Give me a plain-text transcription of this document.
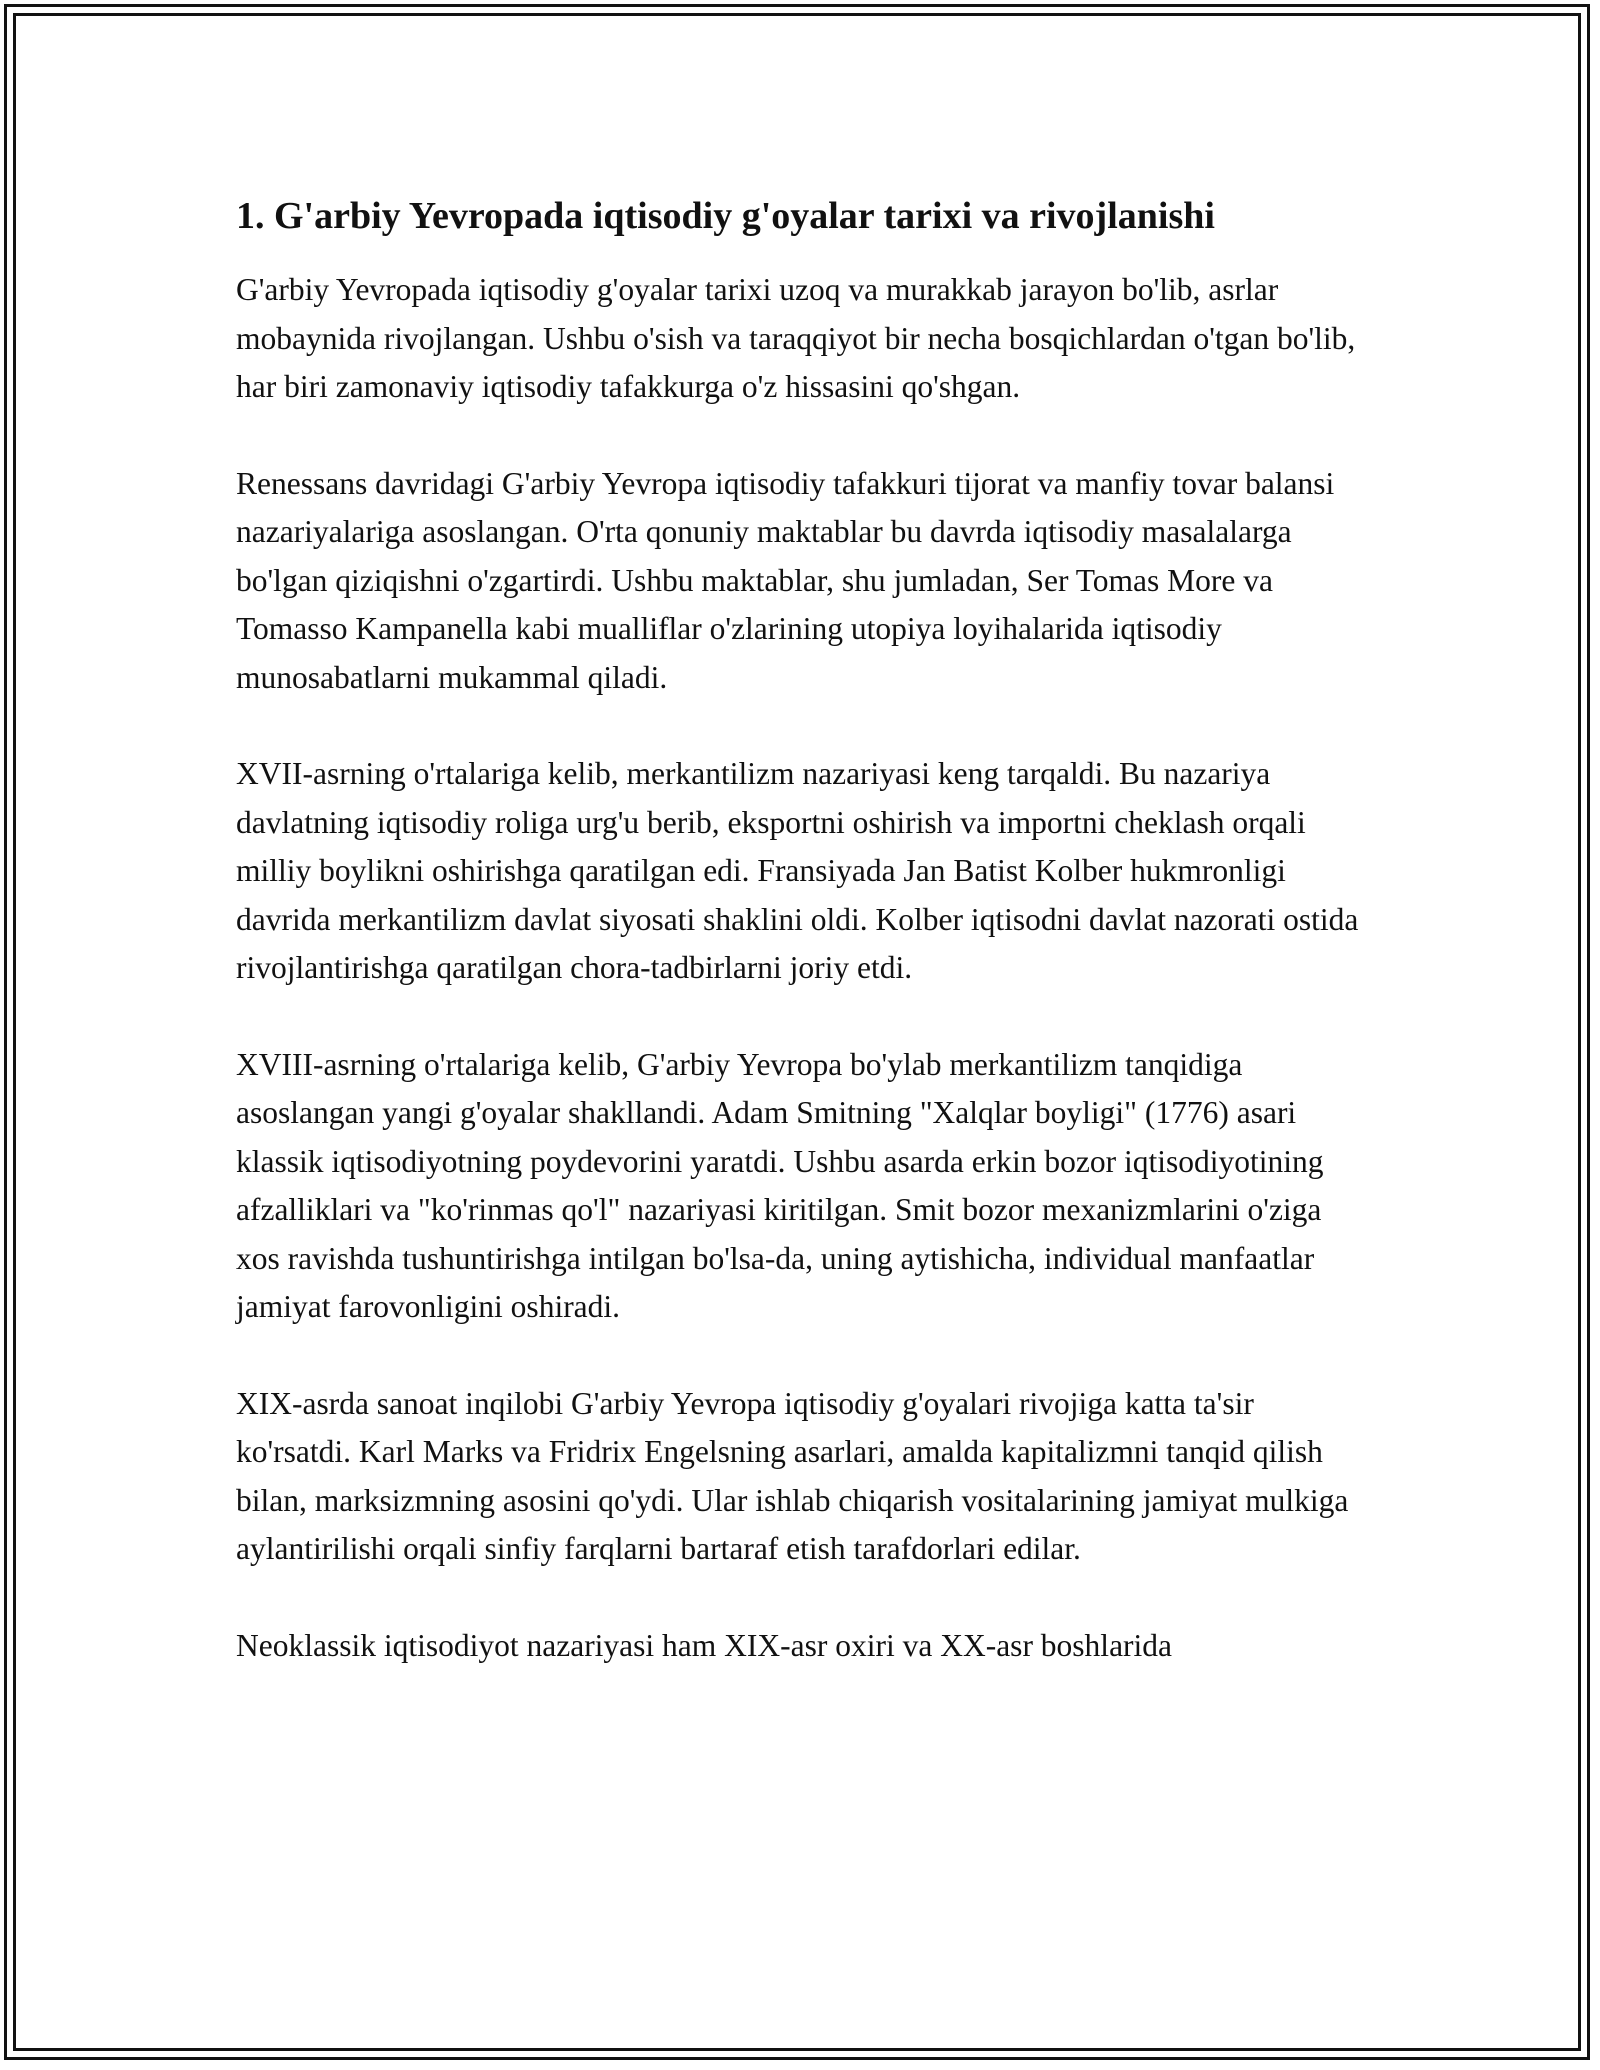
1. G'arbiy Yevropada iqtisodiy g'oyalar tarixi va rivojlanishi

G'arbiy Yevropada iqtisodiy g'oyalar tarixi uzoq va murakkab jarayon bo'lib, asrlar mobaynida rivojlangan. Ushbu o'sish va taraqqiyot bir necha bosqichlardan o'tgan bo'lib, har biri zamonaviy iqtisodiy tafakkurga o'z hissasini qo'shgan.

Renessans davridagi G'arbiy Yevropa iqtisodiy tafakkuri tijorat va manfiy tovar balansi nazariyalariga asoslangan. O'rta qonuniy maktablar bu davrda iqtisodiy masalalarga bo'lgan qiziqishni o'zgartirdi. Ushbu maktablar, shu jumladan, Ser Tomas More va Tomasso Kampanella kabi mualliflar o'zlarining utopiya loyihalarida iqtisodiy munosabatlarni mukammal qiladi.

XVII-asrning o'rtalariga kelib, merkantilizm nazariyasi keng tarqaldi. Bu nazariya davlatning iqtisodiy roliga urg'u berib, eksportni oshirish va importni cheklash orqali milliy boylikni oshirishga qaratilgan edi. Fransiyada Jan Batist Kolber hukmronligi davrida merkantilizm davlat siyosati shaklini oldi. Kolber iqtisodni davlat nazorati ostida rivojlantirishga qaratilgan chora-tadbirlarni joriy etdi.

XVIII-asrning o'rtalariga kelib, G'arbiy Yevropa bo'ylab merkantilizm tanqidiga asoslangan yangi g'oyalar shakllandi. Adam Smitning "Xalqlar boyligi" (1776) asari klassik iqtisodiyotning poydevorini yaratdi. Ushbu asarda erkin bozor iqtisodiyotining afzalliklari va "ko'rinmas qo'l" nazariyasi kiritilgan. Smit bozor mexanizmlarini o'ziga xos ravishda tushuntirishga intilgan bo'lsa-da, uning aytishicha, individual manfaatlar jamiyat farovonligini oshiradi.

XIX-asrda sanoat inqilobi G'arbiy Yevropa iqtisodiy g'oyalari rivojiga katta ta'sir ko'rsatdi. Karl Marks va Fridrix Engelsning asarlari, amalda kapitalizmni tanqid qilish bilan, marksizmning asosini qo'ydi. Ular ishlab chiqarish vositalarining jamiyat mulkiga aylantirilishi orqali sinfiy farqlarni bartaraf etish tarafdorlari edilar.

Neoklassik iqtisodiyot nazariyasi ham XIX-asr oxiri va XX-asr boshlarida
